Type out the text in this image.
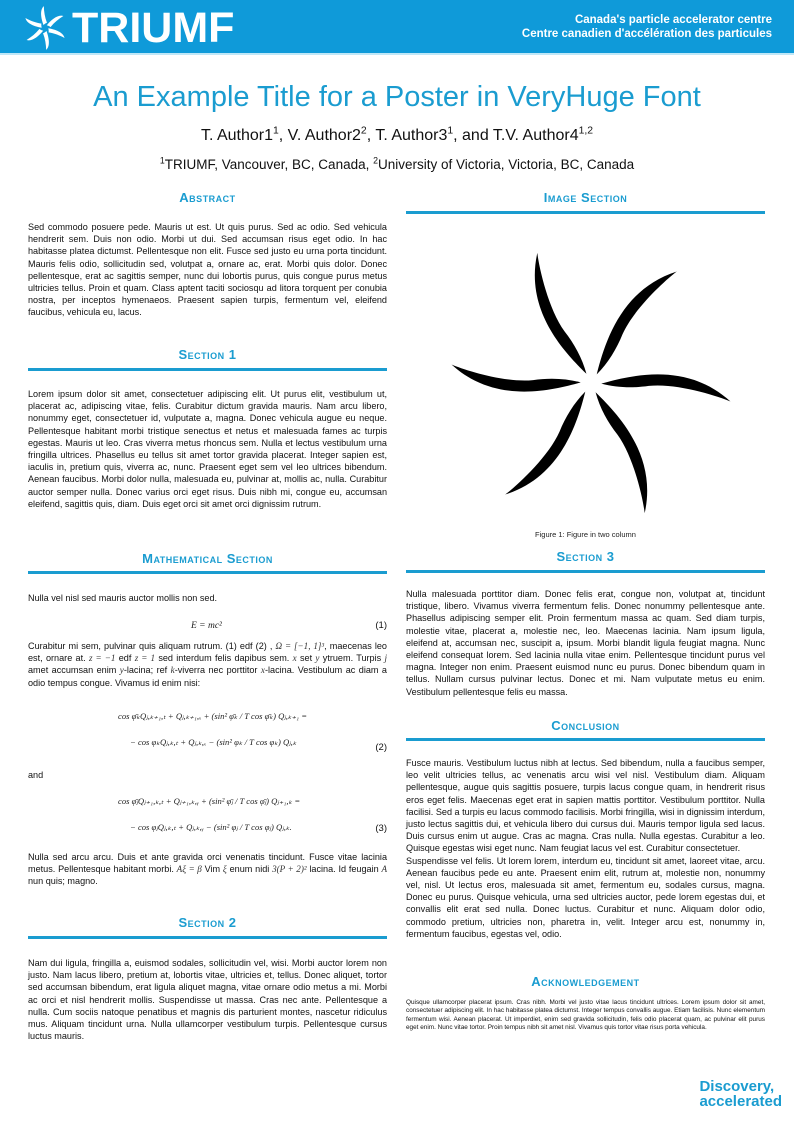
TRIUMF	Canada's particle accelerator centre
Centre canadien d'accélération des particules
An Example Title for a Poster in VeryHuge Font
T. $Author1^1$, V. $Author2^2$, T. $Author3^1$, and T.V. Author4$^{1,2}$
$^1$TRIUMF, Vancouver, BC, Canada, $^2$University of Victoria, Victoria, BC, Canada
Abstract
Sed commodo posuere pede. Mauris ut est. Ut quis purus. Sed ac odio. Sed vehicula hendrerit sem. Duis non odio. Morbi ut dui. Sed accumsan risus eget odio. In hac habitasse platea dictumst. Pellentesque non elit. Fusce sed justo eu urna porta tincidunt. Mauris felis odio, sollicitudin sed, volutpat a, ornare ac, erat. Morbi quis dolor. Donec pellentesque, erat ac sagittis semper, nunc dui lobortis purus, quis congue purus metus ultricies tellus. Proin et quam. Class aptent taciti sociosqu ad litora torquent per conubia nostra, per inceptos hymenaeos. Praesent sapien turpis, fermentum vel, eleifend faucibus, vehicula eu, lacus.
Section 1
Lorem ipsum dolor sit amet, consectetuer adipiscing elit. Ut purus elit, vestibulum ut, placerat ac, adipiscing vitae, felis. Curabitur dictum gravida mauris. Nam arcu libero, nonummy eget, consectetuer id, vulputate a, magna. Donec vehicula augue eu neque. Pellentesque habitant morbi tristique senectus et netus et malesuada fames ac turpis egestas. Mauris ut leo. Cras viverra metus rhoncus sem. Nulla et lectus vestibulum urna fringilla ultrices. Phasellus eu tellus sit amet tortor gravida placerat. Integer sapien est, iaculis in, pretium quis, viverra ac, nunc. Praesent eget sem vel leo ultrices bibendum. Aenean faucibus. Morbi dolor nulla, malesuada eu, pulvinar at, mollis ac, nulla. Curabitur auctor semper nulla. Donec varius orci eget risus. Duis nibh mi, congue eu, accumsan eleifend, sagittis quis, diam. Duis eget orci sit amet orci dignissim rutrum.
Mathematical Section
Nulla vel nisl sed mauris auctor mollis non sed.
E = mc²	(1)
Curabitur mi sem, pulvinar quis aliquam rutrum. (1) edf (2) , Ω = [−1, 1]³, maecenas leo est, ornare at. z = −1 edf z = 1 sed interdum felis dapibus sem. x set y ytruem. Turpis j amet accumsan enim y-lacina; ref k-viverra nec porttitor x-lacina. Vestibulum ac diam a odio tempus congue. Vivamus id enim nisi:
cos φ̄ₖQⱼ,ₖ₊₁,ₜ + Qⱼ,ₖ₊₁,ₓ + (sin² φ̄ₖ / T cos φ̄ₖ) Qⱼ,ₖ₊₁ =
− cos φₖQⱼ,ₖ,ₜ + Qⱼ,ₖ,ₓ − (sin² φₖ / T cos φₖ) Qⱼ,ₖ	(2)
and
cos φ̄ⱼQⱼ₊₁,ₖ,ₜ + Qⱼ₊₁,ₖ,ᵧ + (sin² φ̄ⱼ / T cos φ̄ⱼ) Qⱼ₊₁,ₖ =
− cos φⱼQⱼ,ₖ,ₜ + Qⱼ,ₖ,ᵧ − (sin² φⱼ / T cos φⱼ) Qⱼ,ₖ.	(3)
Nulla sed arcu arcu. Duis et ante gravida orci venenatis tincidunt. Fusce vitae lacinia metus. Pellentesque habitant morbi. Aξ = β Vim ξ enum nidi 3(P + 2)² lacina. Id feugain A nun quis; magno.
Section 2
Nam dui ligula, fringilla a, euismod sodales, sollicitudin vel, wisi. Morbi auctor lorem non justo. Nam lacus libero, pretium at, lobortis vitae, ultricies et, tellus. Donec aliquet, tortor sed accumsan bibendum, erat ligula aliquet magna, vitae ornare odio metus a mi. Morbi ac orci et nisl hendrerit mollis. Suspendisse ut massa. Cras nec ante. Pellentesque a nulla. Cum sociis natoque penatibus et magnis dis parturient montes, nascetur ridiculus mus. Aliquam tincidunt urna. Nulla ullamcorper vestibulum turpis. Pellentesque cursus luctus mauris.
Image Section
Section 3
Nulla malesuada porttitor diam. Donec felis erat, congue non, volutpat at, tincidunt tristique, libero. Vivamus viverra fermentum felis. Donec nonummy pellentesque ante. Phasellus adipiscing semper elit. Proin fermentum massa ac quam. Sed diam turpis, molestie vitae, placerat a, molestie nec, leo. Maecenas lacinia. Nam ipsum ligula, eleifend at, accumsan nec, suscipit a, ipsum. Morbi blandit ligula feugiat magna. Nunc eleifend consequat lorem. Sed lacinia nulla vitae enim. Pellentesque tincidunt purus vel magna. Integer non enim. Praesent euismod nunc eu purus. Donec bibendum quam in tellus. Nullam cursus pulvinar lectus. Donec et mi. Nam vulputate metus eu enim. Vestibulum pellentesque felis eu massa.
Conclusion
Fusce mauris. Vestibulum luctus nibh at lectus. Sed bibendum, nulla a faucibus semper, leo velit ultricies tellus, ac venenatis arcu wisi vel nisl. Vestibulum diam. Aliquam pellentesque, augue quis sagittis posuere, turpis lacus congue quam, in hendrerit risus eros eget felis. Maecenas eget erat in sapien mattis porttitor. Vestibulum porttitor. Nulla facilisi. Sed a turpis eu lacus commodo facilisis. Morbi fringilla, wisi in dignissim interdum, justo lectus sagittis dui, et vehicula libero dui cursus dui. Mauris tempor ligula sed lacus. Duis cursus enim ut augue. Cras ac magna. Cras nulla. Nulla egestas. Curabitur a leo. Quisque egestas wisi eget nunc. Nam feugiat lacus vel est. Curabitur consectetuer.
Suspendisse vel felis. Ut lorem lorem, interdum eu, tincidunt sit amet, laoreet vitae, arcu. Aenean faucibus pede eu ante. Praesent enim elit, rutrum at, molestie non, nonummy vel, nisl. Ut lectus eros, malesuada sit amet, fermentum eu, sodales cursus, magna. Donec eu purus. Quisque vehicula, urna sed ultricies auctor, pede lorem egestas dui, et convallis elit erat sed nulla. Donec luctus. Curabitur et nunc. Aliquam dolor odio, commodo pretium, ultricies non, pharetra in, velit. Integer arcu est, nonummy in, fermentum faucibus, egestas vel, odio.
Acknowledgement
Quisque ullamcorper placerat ipsum. Cras nibh. Morbi vel justo vitae lacus tincidunt ultrices. Lorem ipsum dolor sit amet, consectetuer adipiscing elit. In hac habitasse platea dictumst. Integer tempus convallis augue. Etiam facilisis. Nunc elementum fermentum wisi. Aenean placerat. Ut imperdiet, enim sed gravida sollicitudin, felis odio placerat quam, ac pulvinar elit purus eget enim. Nunc vitae tortor. Proin tempus nibh sit amet nisl. Vivamus quis tortor vitae risus porta vehicula.
Figure 1: Figure in two column
Discovery,
accelerated
